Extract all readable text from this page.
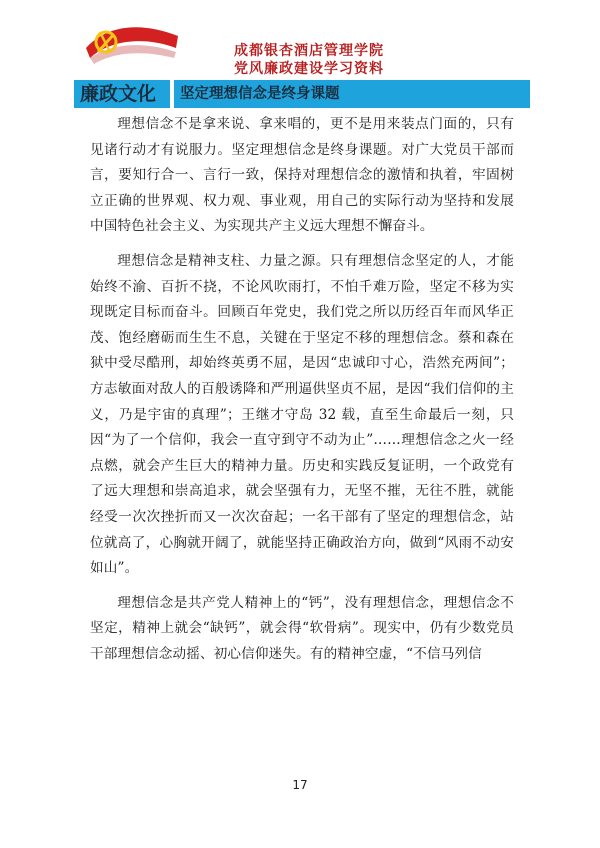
成都银杏酒店管理学院
党风廉政建设学习资料
廉政文化	坚定理想信念是终身课题

理想信念不是拿来说、拿来唱的，更不是用来装点门面的，只有见诸行动才有说服力。坚定理想信念是终身课题。对广大党员干部而言，要知行合一、言行一致，保持对理想信念的激情和执着，牢固树立正确的世界观、权力观、事业观，用自己的实际行动为坚持和发展中国特色社会主义、为实现共产主义远大理想不懈奋斗。

理想信念是精神支柱、力量之源。只有理想信念坚定的人，才能始终不渝、百折不挠，不论风吹雨打，不怕千难万险，坚定不移为实现既定目标而奋斗。回顾百年党史，我们党之所以历经百年而风华正茂、饱经磨砺而生生不息，关键在于坚定不移的理想信念。蔡和森在狱中受尽酷刑，却始终英勇不屈，是因“忠诚印寸心，浩然充两间”；方志敏面对敌人的百般诱降和严刑逼供坚贞不屈，是因“我们信仰的主义，乃是宇宙的真理”；王继才守岛 32 载，直至生命最后一刻，只因“为了一个信仰，我会一直守到守不动为止”……理想信念之火一经点燃，就会产生巨大的精神力量。历史和实践反复证明，一个政党有了远大理想和崇高追求，就会坚强有力，无坚不摧，无往不胜，就能经受一次次挫折而又一次次奋起；一名干部有了坚定的理想信念，站位就高了，心胸就开阔了，就能坚持正确政治方向，做到“风雨不动安如山”。

理想信念是共产党人精神上的“钙”，没有理想信念，理想信念不坚定，精神上就会“缺钙”，就会得“软骨病”。现实中，仍有少数党员干部理想信念动摇、初心信仰迷失。有的精神空虚，“不信马列信

17
